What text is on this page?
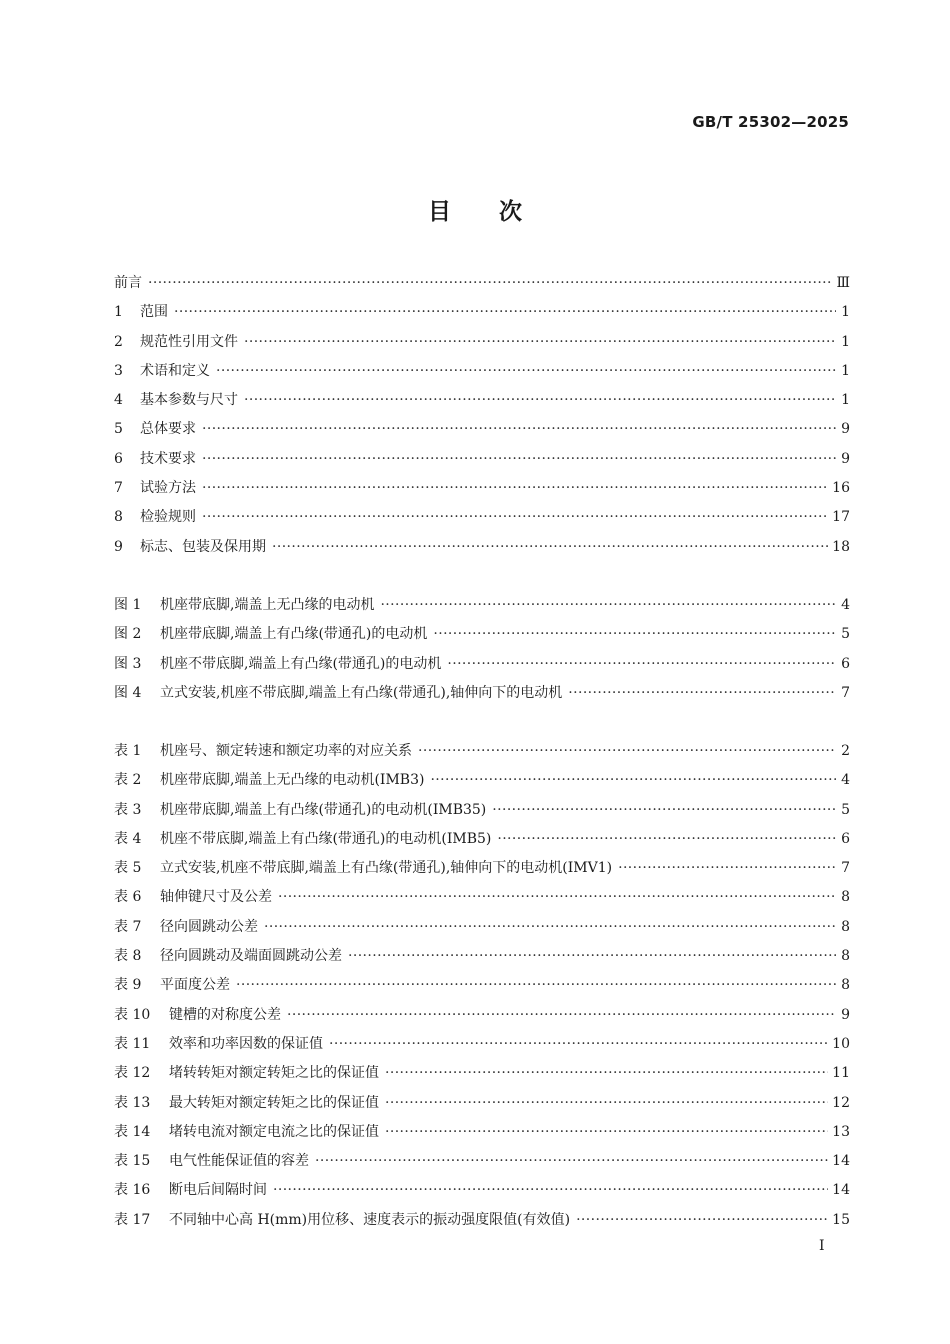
GB/T 25302—2025
目 次
前言 ·····	Ⅲ
1	范围 ·····	1
2	规范性引用文件 ·····	1
3	术语和定义 ·····	1
4	基本参数与尺寸 ·····	1
5	总体要求 ·····	9
6	技术要求 ·····	9
7	试验方法 ·····	16
8	检验规则 ·····	17
9	标志、包装及保用期 ·····	18
图 1	机座带底脚,端盖上无凸缘的电动机 ·····	4
图 2	机座带底脚,端盖上有凸缘(带通孔)的电动机 ·····	5
图 3	机座不带底脚,端盖上有凸缘(带通孔)的电动机 ·····	6
图 4	立式安装,机座不带底脚,端盖上有凸缘(带通孔),轴伸向下的电动机 ·····	7
表 1	机座号、额定转速和额定功率的对应关系 ·····	2
表 2	机座带底脚,端盖上无凸缘的电动机(IMB3) ·····	4
表 3	机座带底脚,端盖上有凸缘(带通孔)的电动机(IMB35) ·····	5
表 4	机座不带底脚,端盖上有凸缘(带通孔)的电动机(IMB5) ·····	6
表 5	立式安装,机座不带底脚,端盖上有凸缘(带通孔),轴伸向下的电动机(IMV1) ·····	7
表 6	轴伸键尺寸及公差 ·····	8
表 7	径向圆跳动公差 ·····	8
表 8	径向圆跳动及端面圆跳动公差 ·····	8
表 9	平面度公差 ·····	8
表 10	键槽的对称度公差 ·····	9
表 11	效率和功率因数的保证值 ·····	10
表 12	堵转转矩对额定转矩之比的保证值 ·····	11
表 13	最大转矩对额定转矩之比的保证值 ·····	12
表 14	堵转电流对额定电流之比的保证值 ·····	13
表 15	电气性能保证值的容差 ·····	14
表 16	断电后间隔时间 ·····	14
表 17	不同轴中心高 H(mm)用位移、速度表示的振动强度限值(有效值) ·····	15
Ⅰ
